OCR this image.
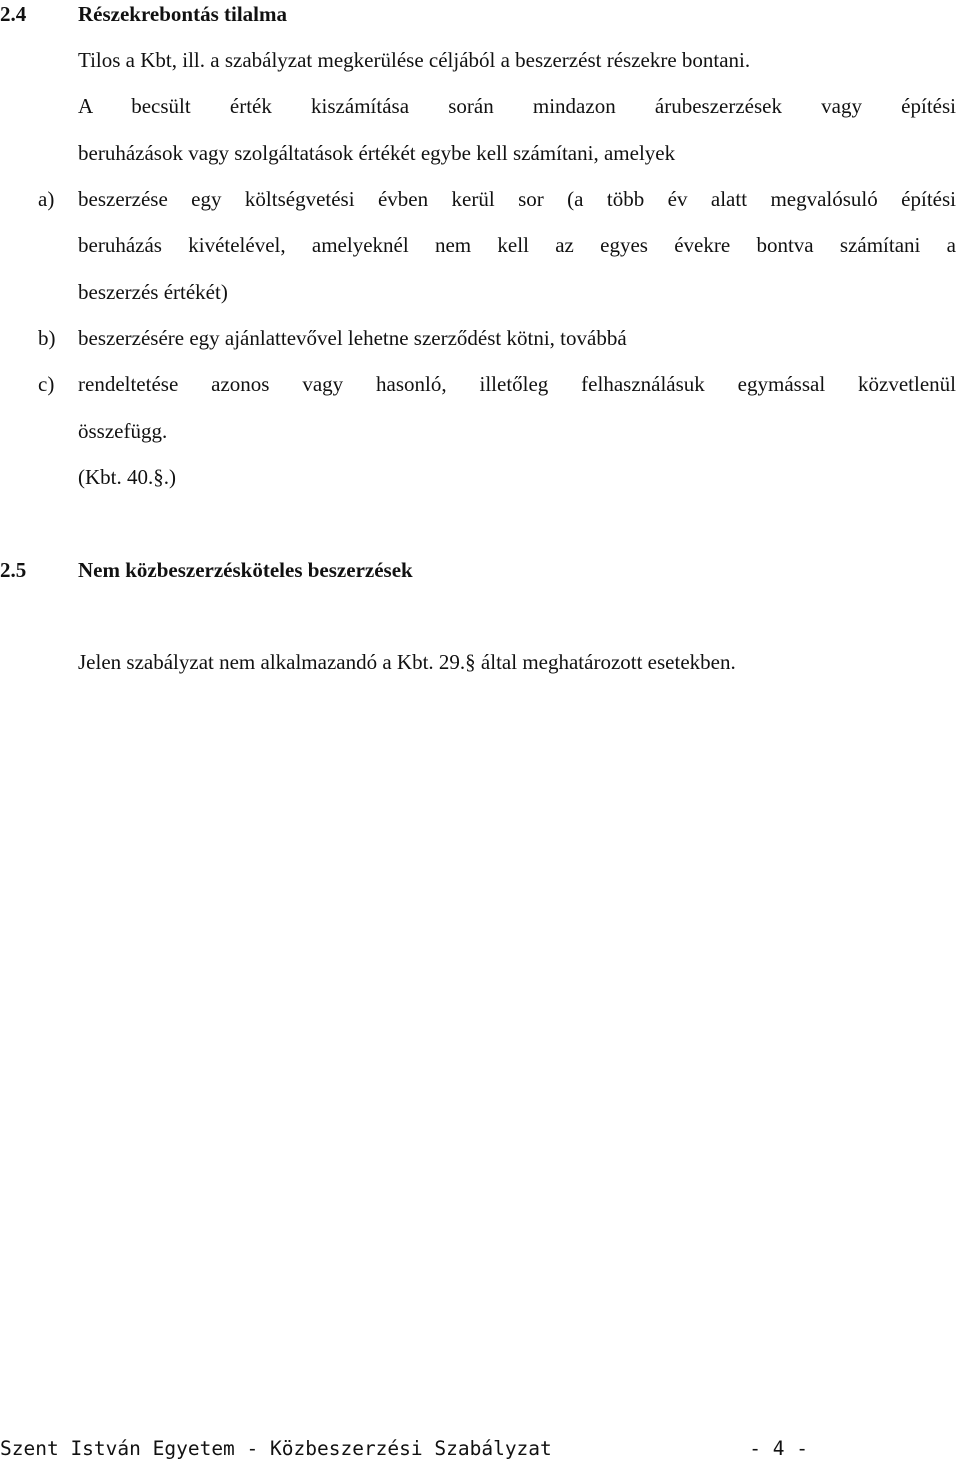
2.4 Részekrebontás tilalma
Tilos a Kbt, ill. a szabályzat megkerülése céljából a beszerzést részekre bontani.
A becsült érték kiszámítása során mindazon árubeszerzések vagy építési
beruházások vagy szolgáltatások értékét egybe kell számítani, amelyek
a) beszerzése egy költségvetési évben kerül sor (a több év alatt megvalósuló építési
beruházás kivételével, amelyeknél nem kell az egyes évekre bontva számítani a
beszerzés értékét)
b) beszerzésére egy ajánlattevővel lehetne szerződést kötni, továbbá
c) rendeltetése azonos vagy hasonló, illetőleg felhasználásuk egymással közvetlenül
összefügg.
(Kbt. 40.§.)
2.5 Nem közbeszerzésköteles beszerzések
Jelen szabályzat nem alkalmazandó a Kbt. 29.§ által meghatározott esetekben.
Szent István Egyetem - Közbeszerzési Szabályzat	- 4 -
